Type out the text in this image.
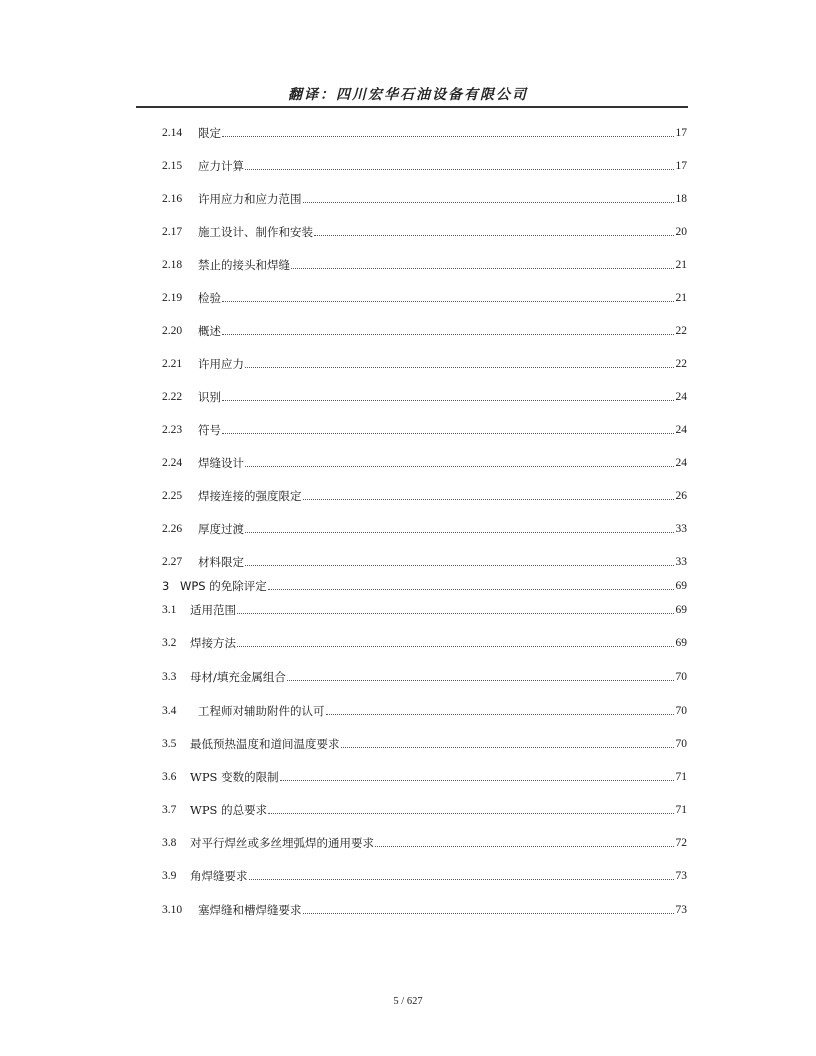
翻译：四川宏华石油设备有限公司
2.14	限定	17
2.15	应力计算	17
2.16	许用应力和应力范围	18
2.17	施工设计、制作和安装	20
2.18	禁止的接头和焊缝	21
2.19	检验	21
2.20	概述	22
2.21	许用应力	22
2.22	识别	24
2.23	符号	24
2.24	焊缝设计	24
2.25	焊接连接的强度限定	26
2.26	厚度过渡	33
2.27	材料限定	33
3 WPS 的免除评定	69
3.1	适用范围	69
3.2	焊接方法	69
3.3	母材/填充金属组合	70
3.4	工程师对辅助附件的认可	70
3.5	最低预热温度和道间温度要求	70
3.6	WPS 变数的限制	71
3.7	WPS 的总要求	71
3.8	对平行焊丝或多丝埋弧焊的通用要求	72
3.9	角焊缝要求	73
3.10	塞焊缝和槽焊缝要求	73
5 / 627
